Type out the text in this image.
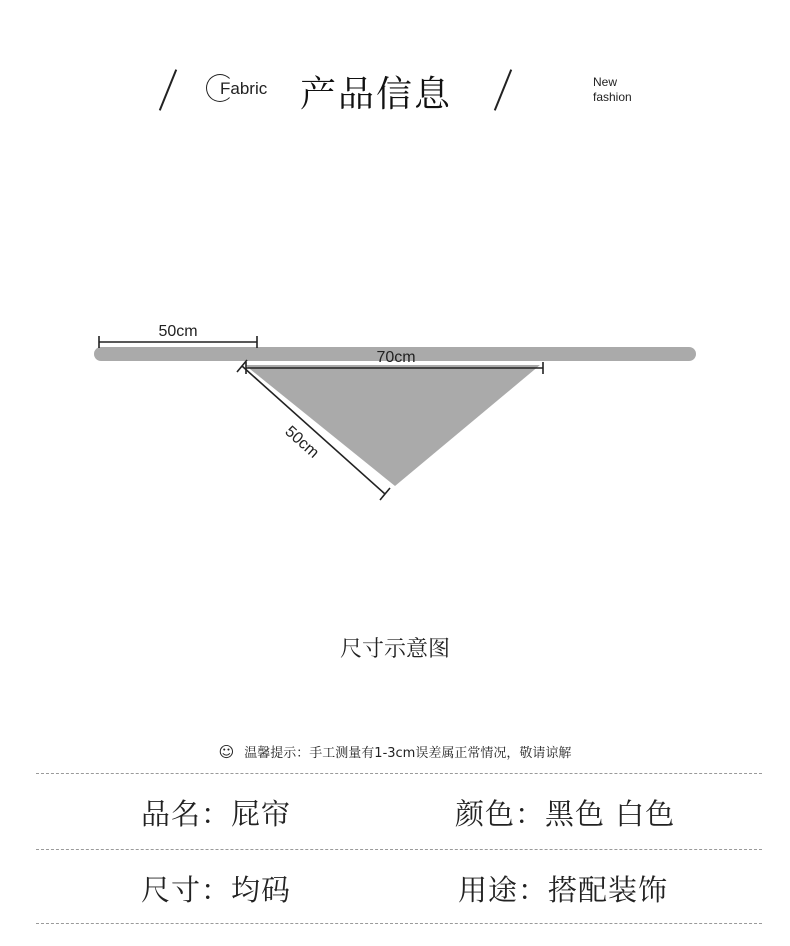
Fabric 产品信息	New
fashion
50cm
70cm
50cm
尺寸示意图
☺ 温馨提示：手工测量有1-3cm误差属正常情况，敬请谅解
品名：屁帘	颜色：黑色 白色
尺寸：均码	用途：搭配装饰
